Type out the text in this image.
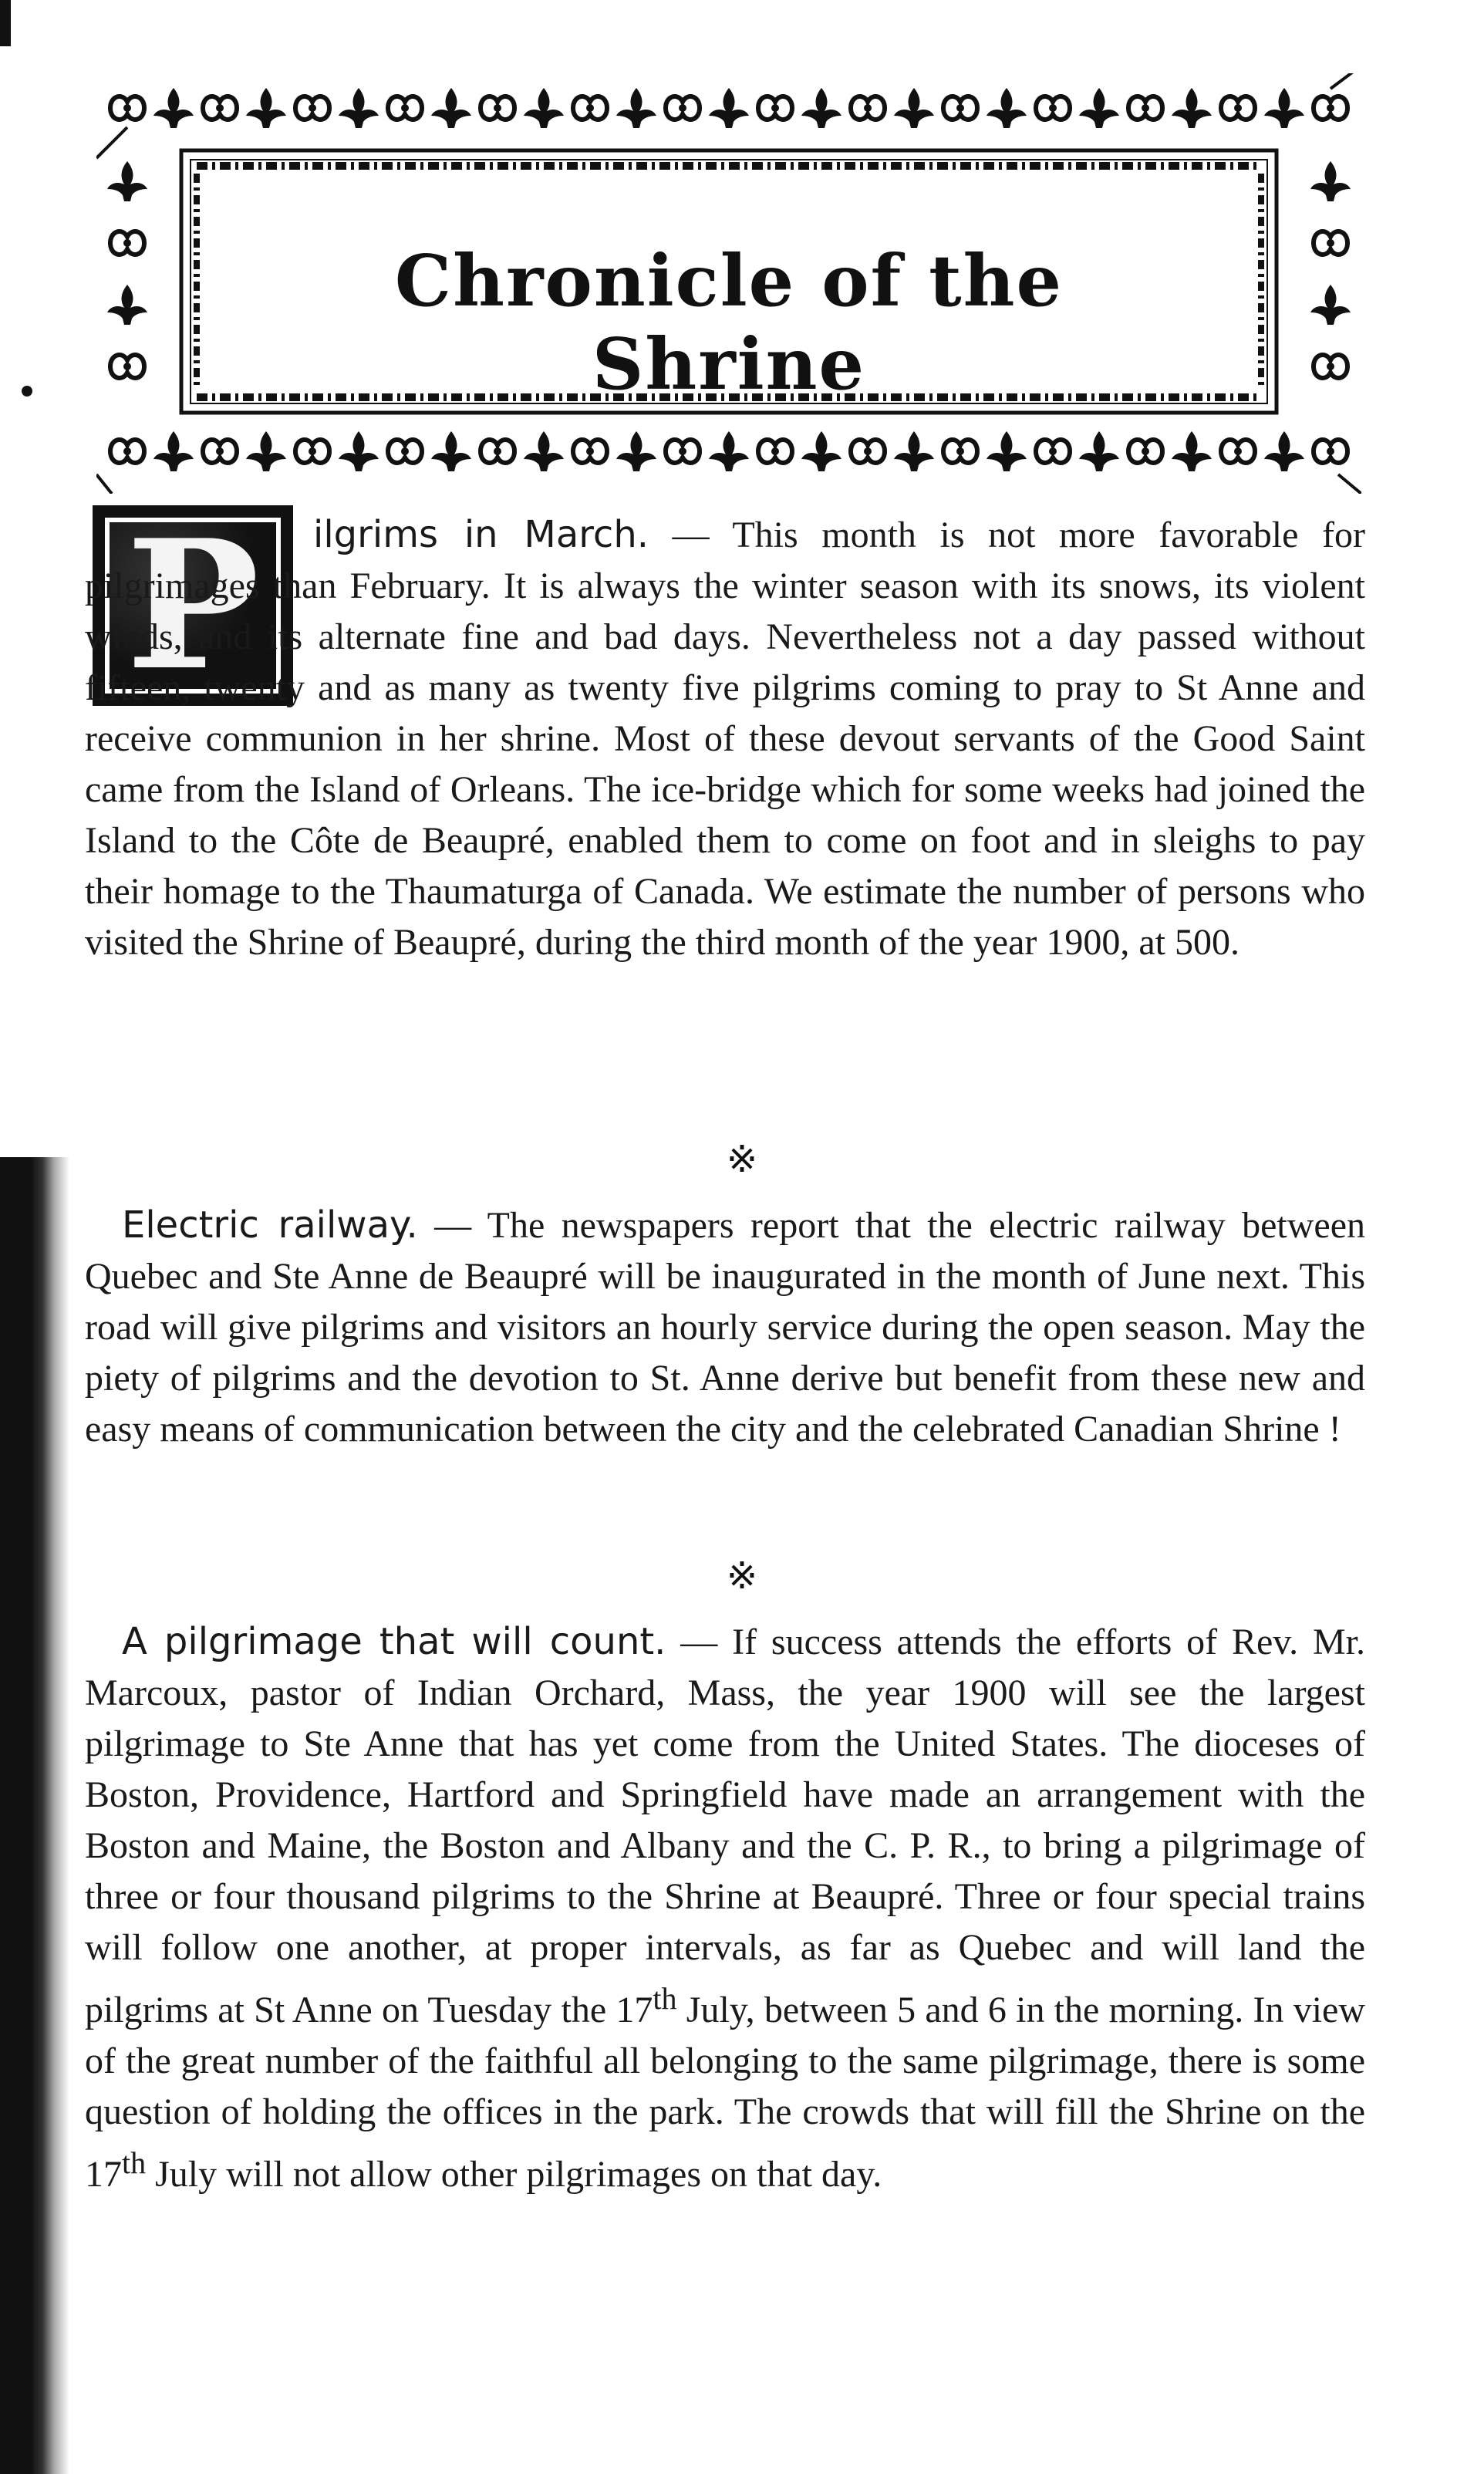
Chronicle of the Shrine
P	ilgrims in March. — This month is not more favorable for pilgrimages than February. It is always the winter season with its snows, its violent winds, and its alternate fine and bad days. Nevertheless not a day passed without fifteen, twenty and as many as twenty five pilgrims coming to pray to St Anne and receive communion in her shrine. Most of these devout servants of the Good Saint came from the Island of Orleans. The ice-bridge which for some weeks had joined the Island to the Côte de Beaupré, enabled them to come on foot and in sleighs to pay their homage to the Thaumaturga of Canada. We estimate the number of persons who visited the Shrine of Beaupré, during the third month of the year 1900, at 500.

※

 Electric railway. — The newspapers report that the electric railway between Quebec and Ste Anne de Beaupré will be inaugurated in the month of June next. This road will give pilgrims and visitors an hourly service during the open season. May the piety of pilgrims and the devotion to St. Anne derive but benefit from these new and easy means of communication between the city and the celebrated Canadian Shrine !

※

 A pilgrimage that will count. — If success attends the efforts of Rev. Mr. Marcoux, pastor of Indian Orchard, Mass, the year 1900 will see the largest pilgrimage to Ste Anne that has yet come from the United States. The dioceses of Boston, Providence, Hartford and Springfield have made an arrangement with the Boston and Maine, the Boston and Albany and the C. P. R., to bring a pilgrimage of three or four thousand pilgrims to the Shrine at Beaupré. Three or four special trains will follow one another, at proper intervals, as far as Quebec and will land the pilgrims at St Anne on Tuesday the 17th July, between 5 and 6 in the morning. In view of the great number of the faithful all belonging to the same pilgrimage, there is some question of holding the offices in the park. The crowds that will fill the Shrine on the 17th July will not allow other pilgrimages on that day.
